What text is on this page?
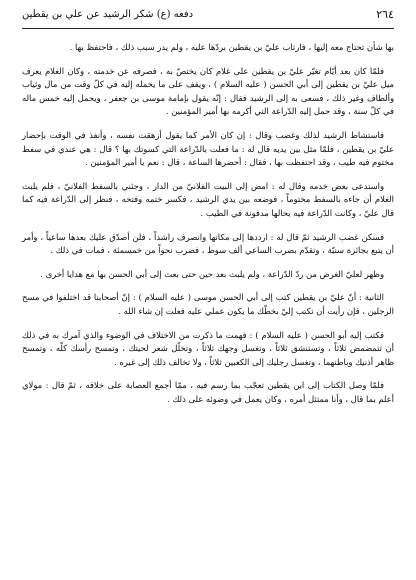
٢٦٤
دفعه (ع) شكر الرشيد عن علي بن يقطين

بها شأن تحتاج معه إليها ، فارتاب عليّ بن يقطين بردّها عليه ، ولم يدر سبب ذلك ، فاحتفظ بها .

فلمّا كان بعد أيّام تغيّر عليّ بن يقطين على غلام كان يختصّ به ، فصرفه عن خدمته ، وكان الغلام يعرف ميل عليّ بن يقطين إلى أبي الحسن ( عليه السلام ) ، ويقف على ما يحمله إليه في كلّ وقت من مال وثياب وألطاف وغير ذلك ، فسعى به إلى الرشيد فقال : إنّه يقول بإمامة موسى بن جعفر ، ويحمل إليه خمس ماله في كلّ سنة ، وقد حمل إليه الدّراعة التي أكرمه بها أمير المؤمنين .

فاستشاط الرشيد لذلك وغضب وقال : إن كان الأمر كما يقول أزهقت نفسه ، وأنفذ في الوقت بإحضار عليّ بن يقطين ، فلمّا مثل بين يديه قال له : ما فعلت بالدّراعة التي كسوتك بها ؟ قال : هي عندي في سفط مختوم فيه طيب ، وقد احتفظت بها ، فقال : أحضرها الساعة ، قال : نعم يا أمير المؤمنين .

واستدعى بعض خدمه وقال له : امض إلى البيت الفلانيّ من الدار ، وجئني بالسفط الفلانيّ ، فلم يلبث الغلام أن جاءه بالسفط مختوماً ، فوضعه بين يدي الرشيد ، فكسر ختمه وفتحه ، فنظر إلى الدّراعة فيه كما قال عليّ ، وكانت الدّراعة فيه بحالها مدفونة في الطيب .

فسكن غضب الرشيد ثمّ قال له : ارددها إلى مكانها وانصرف راشداً ، فلن أصدّق عليك بعدها ساعياً ، وأمر أن يتبع بجائزة سنيّة ، وتقدّم بضرب الساعي ألف سوط ، فضرب نحواً من خمسمئة ، فمات في ذلك .

وظهر لعليّ الغرض من ردّ الدّراعة ، ولم يلبث بعد حين حتى بعث إلى أبي الحسن بها مع هدايا أخرى .

الثانية : أنّ عليّ بن يقطين كتب إلى أبي الحسن موسى ( عليه السلام ) : إنّ أصحابنا قد اختلفوا في مسح الرجلين ، فإن رأيت أن تكتب إليّ بخطّك ما يكون عملي عليه فعلت إن شاء الله .

فكتب إليه أبو الحسن ( عليه السلام ) : فهمت ما ذكرت من الاختلاف في الوضوء والذي آمرك به في ذلك أن تتمضمض ثلاثاً ، وتستنشق ثلاثاً ، وتغسل وجهك ثلاثاً ، وتخلّل شعر لحيتك ، وتمسح رأسك كلّه ، وتمسح ظاهر أذنيك وباطنهما ، وتغسل رجليك إلى الكعبين ثلاثاً ، ولا تخالف ذلك إلى غيره .

فلمّا وصل الكتاب إلى ابن يقطين تعجّب بما رسم فيه ، ممّا أجمع العصابة على خلافه ، ثمّ قال : مولاي أعلم بما قال ، وأنا ممتثل أمره ، وكان يعمل في وضوئه على ذلك .
